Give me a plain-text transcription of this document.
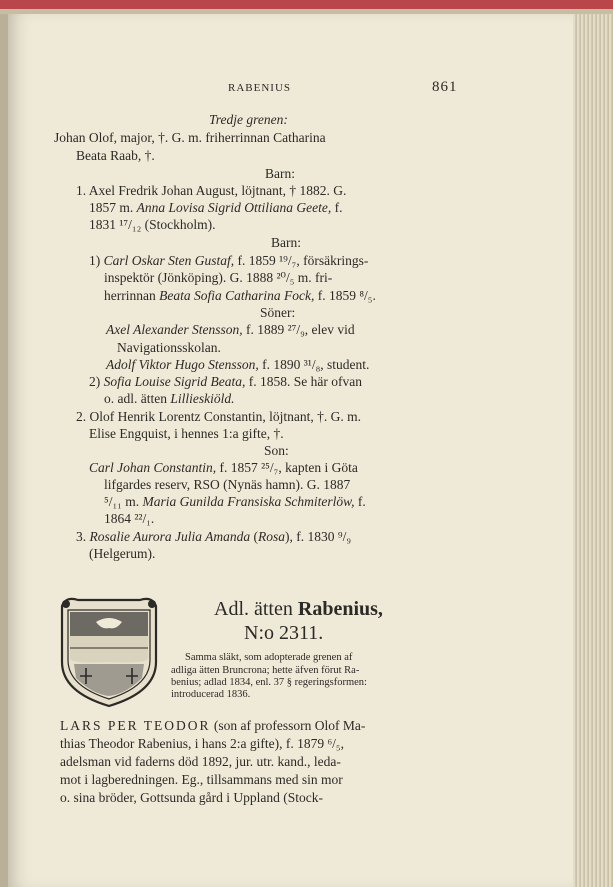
RABENIUS	861
Tredje grenen:
Johan Olof, major, †. G. m. friherrinnan Catharina
Beata Raab, †.
Barn:
1. Axel Fredrik Johan August, löjtnant, † 1882. G.
1857 m. Anna Lovisa Sigrid Ottiliana Geete, f.
1831 ¹⁷/₁₂ (Stockholm).
Barn:
1) Carl Oskar Sten Gustaf, f. 1859 ¹⁹/₇, försäkrings-
inspektör (Jönköping). G. 1888 ²⁰/₅ m. fri-
herrinnan Beata Sofia Catharina Fock, f. 1859 ⁸/₅.
Söner:
Axel Alexander Stensson, f. 1889 ²⁷/₉, elev vid
Navigationsskolan.
Adolf Viktor Hugo Stensson, f. 1890 ³¹/₈, student.
2) Sofia Louise Sigrid Beata, f. 1858. Se här ofvan
o. adl. ätten Lillieskiöld.
2. Olof Henrik Lorentz Constantin, löjtnant, †. G. m.
Elise Engquist, i hennes 1:a gifte, †.
Son:
Carl Johan Constantin, f. 1857 ²⁵/₇, kapten i Göta
lifgardes reserv, RSO (Nynäs hamn). G. 1887
⁵/₁₁ m. Maria Gunilda Fransiska Schmiterlöw, f.
1864 ²²/₁.
3. Rosalie Aurora Julia Amanda (Rosa), f. 1830 ⁹/₉
(Helgerum).
Adl. ätten Rabenius,
N:o 2311.
Samma släkt, som adopterade grenen af
adliga ätten Bruncrona; hette äfven förut Ra-
benius; adlad 1834, enl. 37 § regeringsformen:
introducerad 1836.
LARS PER TEODOR (son af professorn Olof Ma-
thias Theodor Rabenius, i hans 2:a gifte), f. 1879 ⁶/₅,
adelsman vid faderns död 1892, jur. utr. kand., leda-
mot i lagberedningen. Eg., tillsammans med sin mor
o. sina bröder, Gottsunda gård i Uppland (Stock-
